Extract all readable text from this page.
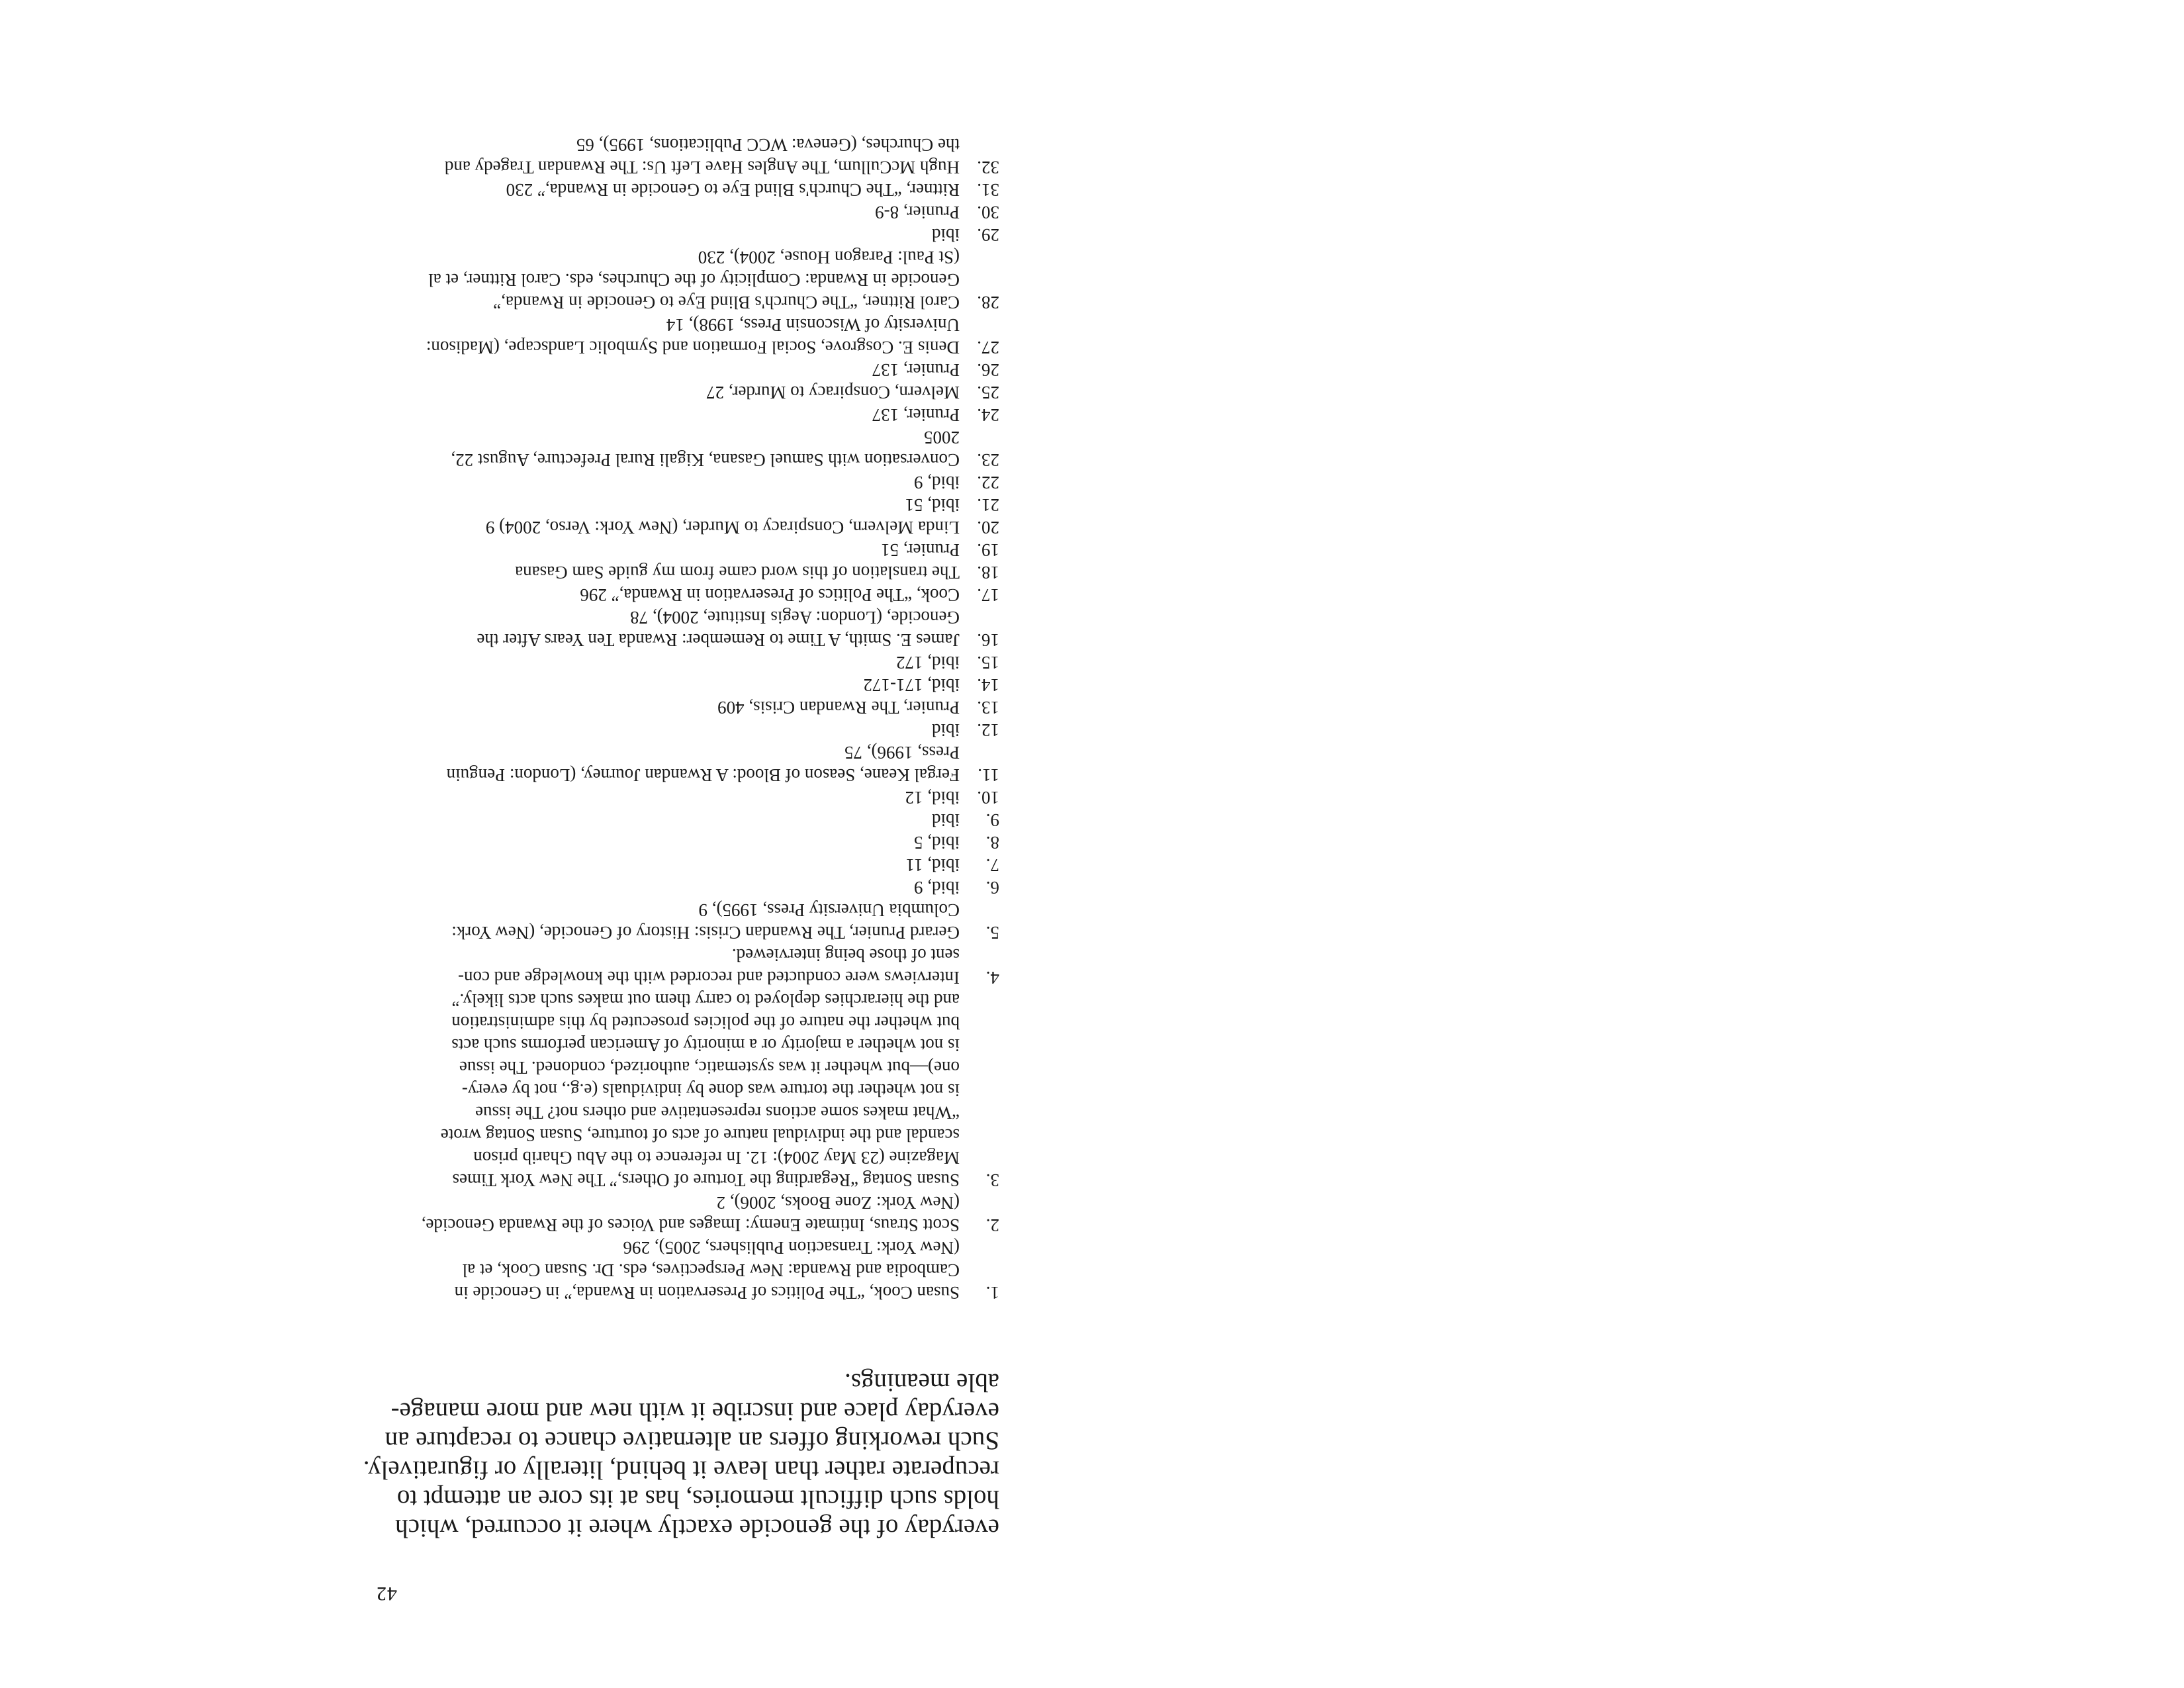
42
everyday of the genocide exactly where it occurred, which
holds such difficult memories, has at its core an attempt to
recuperate rather than leave it behind, literally or figuratively.
Such reworking offers an alternative chance to recapture an
everyday place and inscribe it with new and more manage-
able meanings.
1.
Susan Cook, “The Politics of Preservation in Rwanda,” in Genocide in
Cambodia and Rwanda: New Perspectives, eds. Dr. Susan Cook, et al
(New York: Transaction Publishers, 2005), 296
2.
Scott Straus, Intimate Enemy: Images and Voices of the Rwanda Genocide,
(New York: Zone Books, 2006), 2
3.
Susan Sontag “Regarding the Torture of Others,” The New York Times
Magazine (23 May 2004): 12. In reference to the Abu Gharib prison
scandal and the individual nature of acts of tourture, Susan Sontag wrote
“What makes some actions representative and others not? The issue
is not whether the torture was done by individuals (e.g., not by every-
one)—but whether it was systematic, authorized, condoned. The issue
is not whether a majority or a minority of American performs such acts
but whether the nature of the policies prosecuted by this administration
and the hierarchies deployed to carry them out makes such acts likely.”
4.
Interviews were conducted and recorded with the knowledge and con-
sent of those being interviewed.
5.
Gerard Prunier, The Rwandan Crisis: History of Genocide, (New York:
Columbia University Press, 1995), 9
6.
ibid, 9
7.
ibid, 11
8.
ibid, 5
9.
ibid
10.
ibid, 12
11.
Fergal Keane, Season of Blood: A Rwandan Journey, (London: Penguin
Press, 1996), 75
12.
ibid
13.
Prunier, The Rwandan Crisis, 409
14.
ibid, 171-172
15.
ibid, 172
16.
James E. Smith, A Time to Remember: Rwanda Ten Years After the
Genocide, (London: Aegis Institute, 2004), 78
17.
Cook, “The Politics of Preservation in Rwanda,” 296
18.
The translation of this word came from my guide Sam Gasana
19.
Prunier, 51
20.
Linda Melvern, Conspiracy to Murder, (New York: Verso, 2004) 9
21.
ibid, 51
22.
ibid, 9
23.
Conversation with Samuel Gasana, Kigali Rural Prefecture, August 22,
2005
24.
Prunier, 137
25.
Melvern, Conspiracy to Murder, 27
26.
Prunier, 137
27.
Denis E. Cosgrove, Social Formation and Symbolic Landscape, (Madison:
University of Wisconsin Press, 1998), 14
28.
Carol Rittner, “The Church's Blind Eye to Genocide in Rwanda,”
Genocide in Rwanda: Complicity of the Churches, eds. Carol Rittner, et al
(St Paul: Paragon House, 2004), 230
29.
ibid
30.
Prunier, 8-9
31.
Rittner, “The Church's Blind Eye to Genocide in Rwanda,” 230
32.
Hugh McCullum, The Angles Have Left Us: The Rwandan Tragedy and
the Churches, (Geneva: WCC Publications, 1995), 65
